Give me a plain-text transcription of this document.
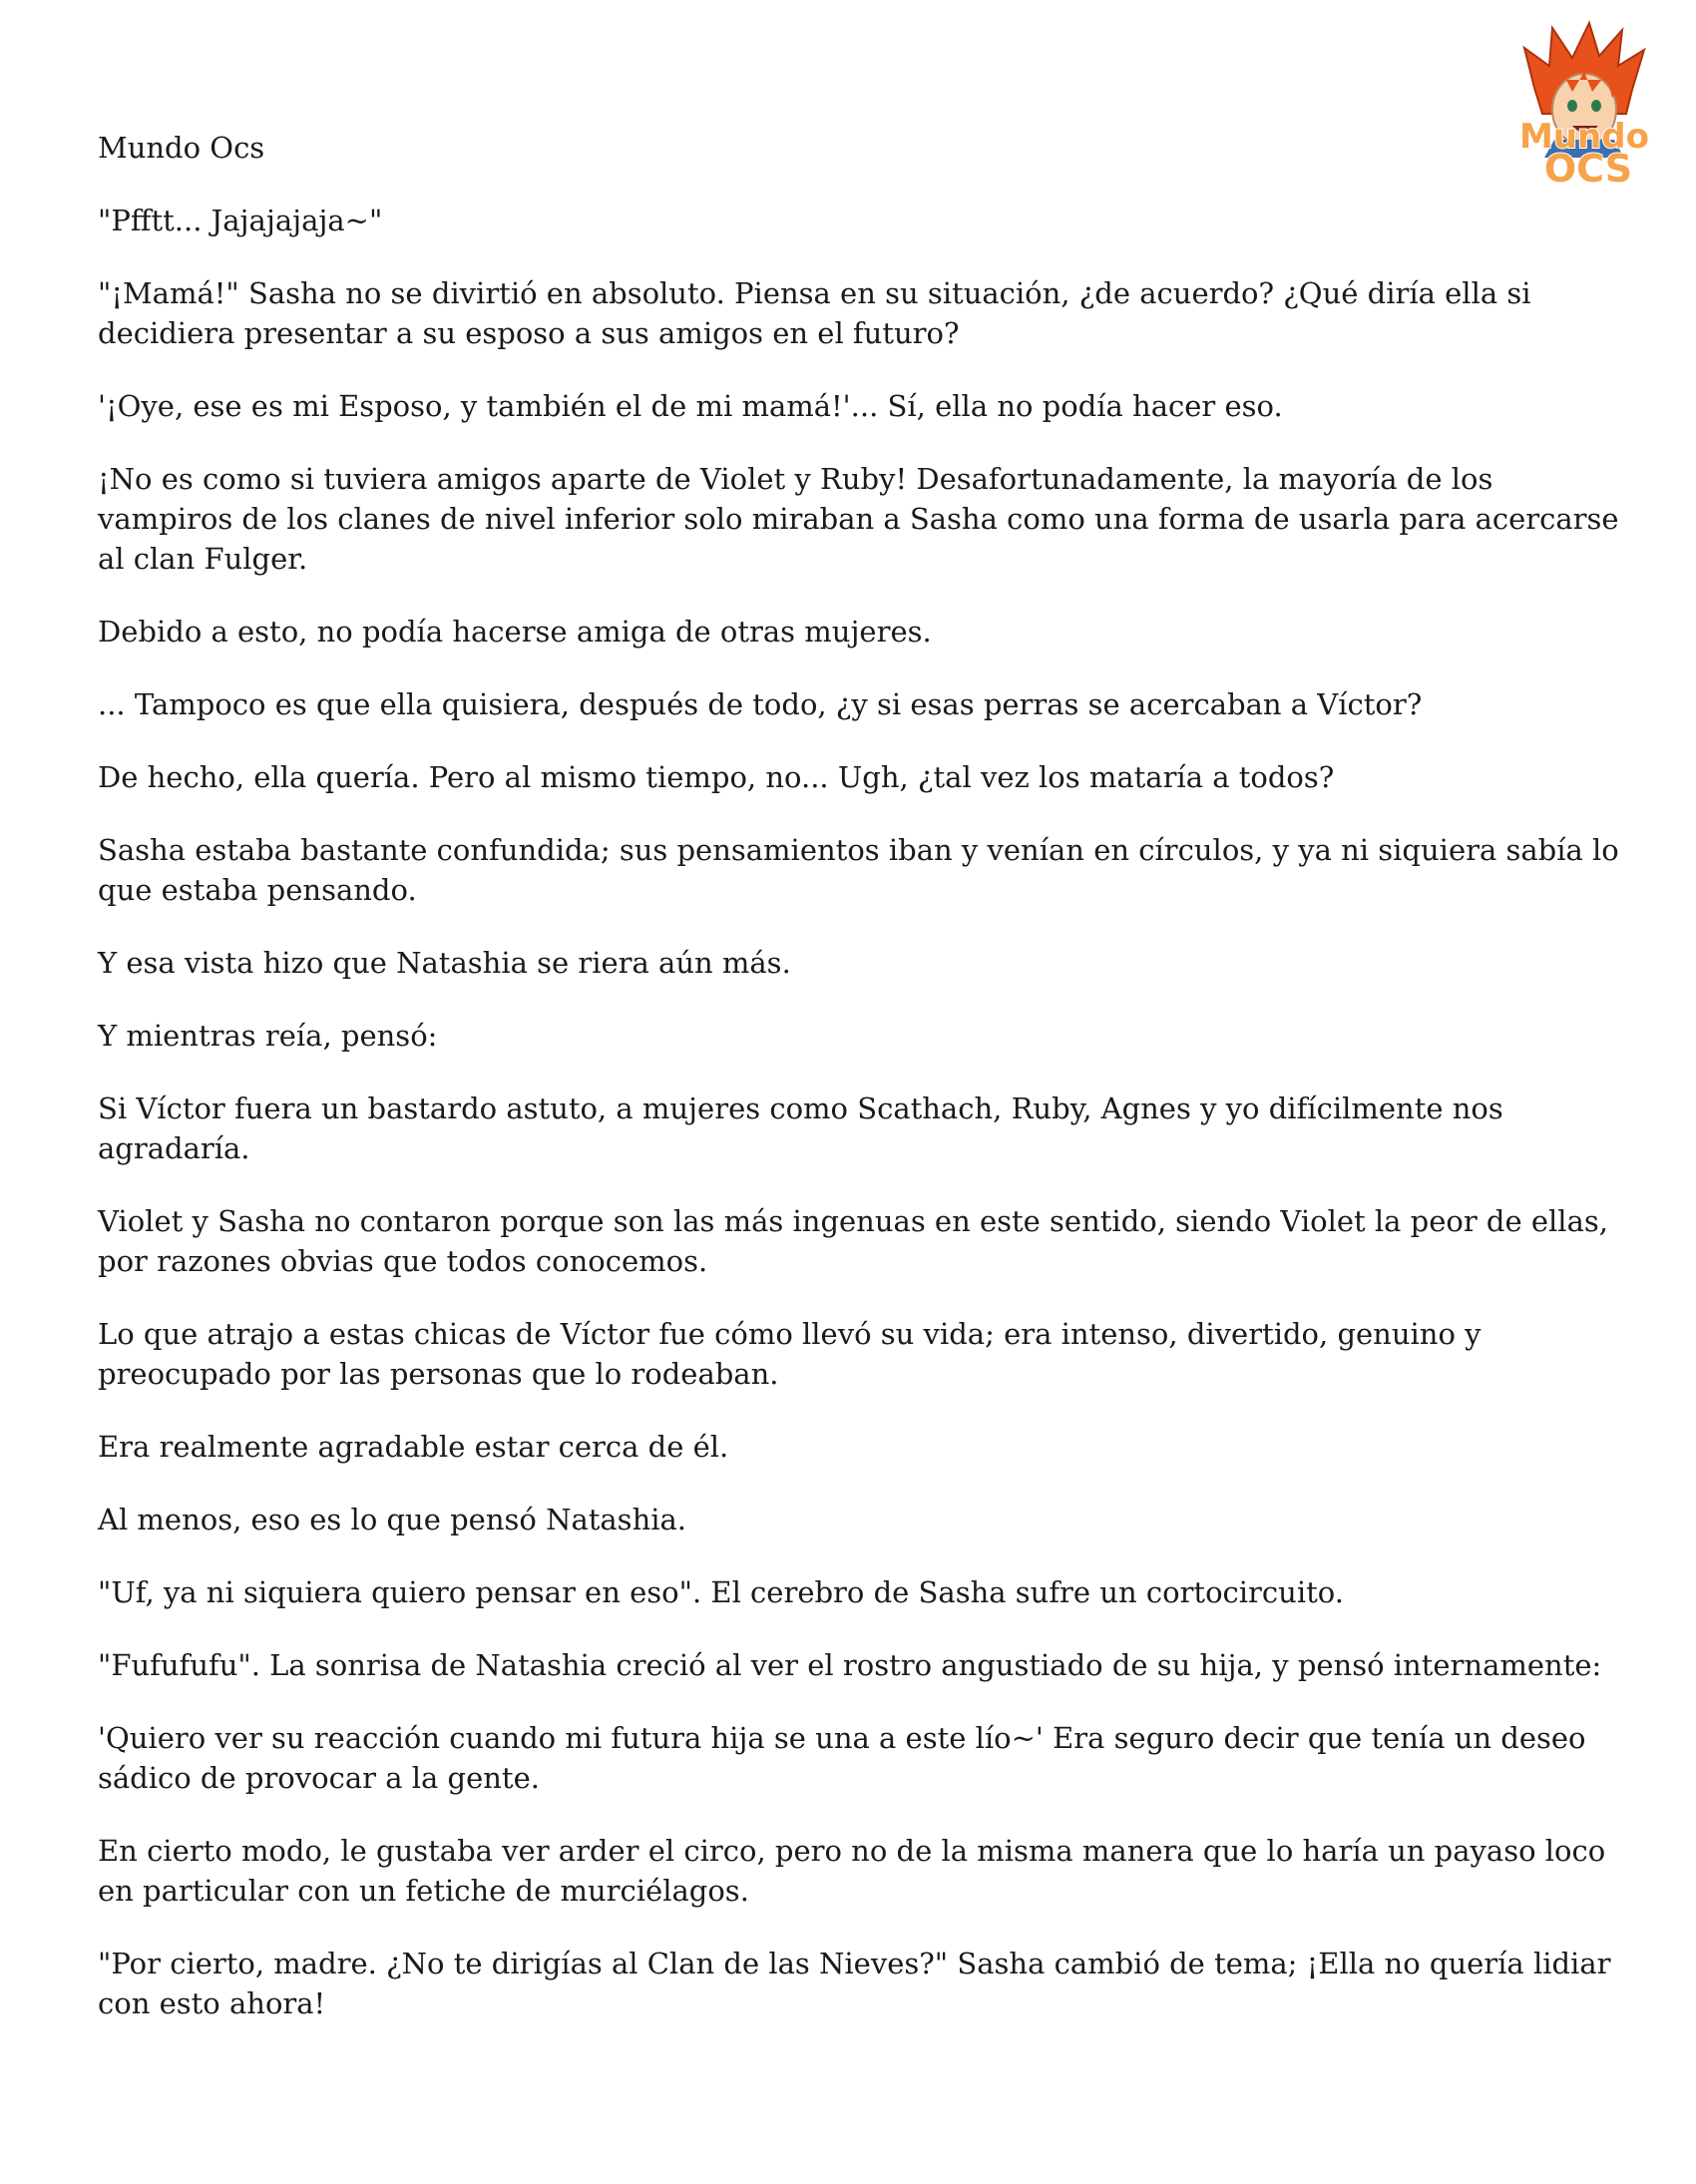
Mundo
OCS

Mundo Ocs

"Pfftt... Jajajajaja~"

"¡Mamá!" Sasha no se divirtió en absoluto. Piensa en su situación, ¿de acuerdo? ¿Qué diría ella si decidiera presentar a su esposo a sus amigos en el futuro?

'¡Oye, ese es mi Esposo, y también el de mi mamá!'... Sí, ella no podía hacer eso.

¡No es como si tuviera amigos aparte de Violet y Ruby! Desafortunadamente, la mayoría de los vampiros de los clanes de nivel inferior solo miraban a Sasha como una forma de usarla para acercarse al clan Fulger.

Debido a esto, no podía hacerse amiga de otras mujeres.

... Tampoco es que ella quisiera, después de todo, ¿y si esas perras se acercaban a Víctor?

De hecho, ella quería. Pero al mismo tiempo, no... Ugh, ¿tal vez los mataría a todos?

Sasha estaba bastante confundida; sus pensamientos iban y venían en círculos, y ya ni siquiera sabía lo que estaba pensando.

Y esa vista hizo que Natashia se riera aún más.

Y mientras reía, pensó:

Si Víctor fuera un bastardo astuto, a mujeres como Scathach, Ruby, Agnes y yo difícilmente nos agradaría.

Violet y Sasha no contaron porque son las más ingenuas en este sentido, siendo Violet la peor de ellas, por razones obvias que todos conocemos.

Lo que atrajo a estas chicas de Víctor fue cómo llevó su vida; era intenso, divertido, genuino y preocupado por las personas que lo rodeaban.

Era realmente agradable estar cerca de él.

Al menos, eso es lo que pensó Natashia.

"Uf, ya ni siquiera quiero pensar en eso". El cerebro de Sasha sufre un cortocircuito.

"Fufufufu". La sonrisa de Natashia creció al ver el rostro angustiado de su hija, y pensó internamente:

'Quiero ver su reacción cuando mi futura hija se una a este lío~' Era seguro decir que tenía un deseo sádico de provocar a la gente.

En cierto modo, le gustaba ver arder el circo, pero no de la misma manera que lo haría un payaso loco en particular con un fetiche de murciélagos.

"Por cierto, madre. ¿No te dirigías al Clan de las Nieves?" Sasha cambió de tema; ¡Ella no quería lidiar con esto ahora!
